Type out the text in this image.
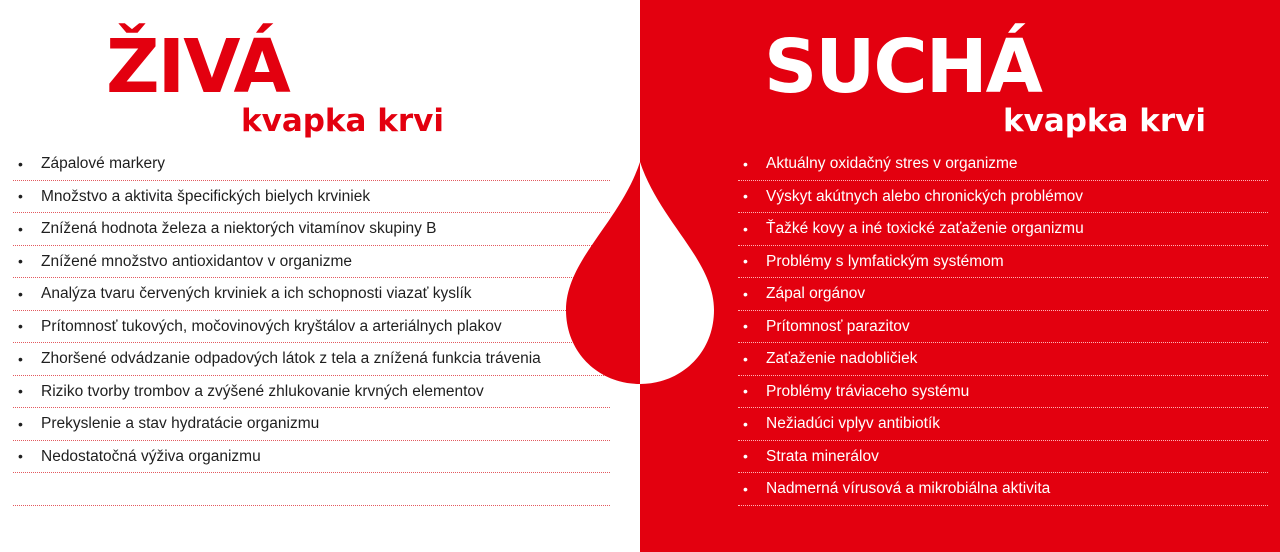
ŽIVÁ
kvapka krvi
•	Zápalové markery
•	Množstvo a aktivita špecifických bielych krviniek
•	Znížená hodnota železa a niektorých vitamínov skupiny B
•	Znížené množstvo antioxidantov v organizme
•	Analýza tvaru červených krviniek a ich schopnosti viazať kyslík
•	Prítomnosť tukových, močovinových kryštálov a arteriálnych plakov
•	Zhoršené odvádzanie odpadových látok z tela a znížená funkcia trávenia
•	Riziko tvorby trombov a zvýšené zhlukovanie krvných elementov
•	Prekyslenie a stav hydratácie organizmu
•	Nedostatočná výživa organizmu
SUCHÁ
kvapka krvi
•	Aktuálny oxidačný stres v organizme
•	Výskyt akútnych alebo chronických problémov
•	Ťažké kovy a iné toxické zaťaženie organizmu
•	Problémy s lymfatickým systémom
•	Zápal orgánov
•	Prítomnosť parazitov
•	Zaťaženie nadobličiek
•	Problémy tráviaceho systému
•	Nežiadúci vplyv antibiotík
•	Strata minerálov
•	Nadmerná vírusová a mikrobiálna aktivita
